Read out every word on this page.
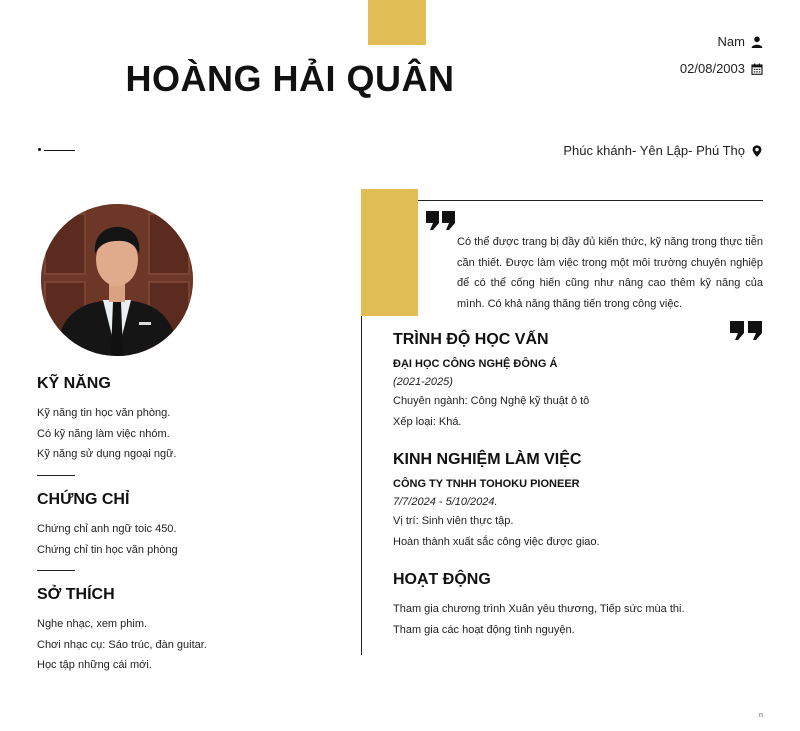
HOÀNG HẢI QUÂN
Nam
02/08/2003
Phúc khánh- Yên Lập- Phú Thọ

Có thể được trang bị đầy đủ kiến thức, kỹ năng trong thực tiễn cần thiết. Được làm việc trong một môi trường chuyên nghiệp để có thể cống hiến cũng như nâng cao thêm kỹ năng của mình. Có khả năng thăng tiến trong công việc.

KỸ NĂNG
Kỹ năng tin học văn phòng.
Có kỹ năng làm việc nhóm.
Kỹ năng sử dụng ngoại ngữ.
CHỨNG CHỈ
Chứng chỉ anh ngữ toic 450.
Chứng chỉ tin học văn phòng
SỞ THÍCH
Nghe nhạc, xem phim.
Chơi nhạc cụ: Sáo trúc, đàn guitar.
Học tập những cái mới.
TRÌNH ĐỘ HỌC VẤN
ĐẠI HỌC CÔNG NGHỆ ĐÔNG Á
(2021-2025)
Chuyên ngành: Công Nghệ kỹ thuật ô tô
Xếp loại: Khá.
KINH NGHIỆM LÀM VIỆC
CÔNG TY TNHH TOHOKU PIONEER
7/7/2024 - 5/10/2024.
Vị trí: Sinh viên thực tập.
Hoàn thành xuất sắc công việc được giao.
HOẠT ĐỘNG
Tham gia chương trình Xuân yêu thương, Tiếp sức mùa thi.
Tham gia các hoạt động tình nguyện.
n
